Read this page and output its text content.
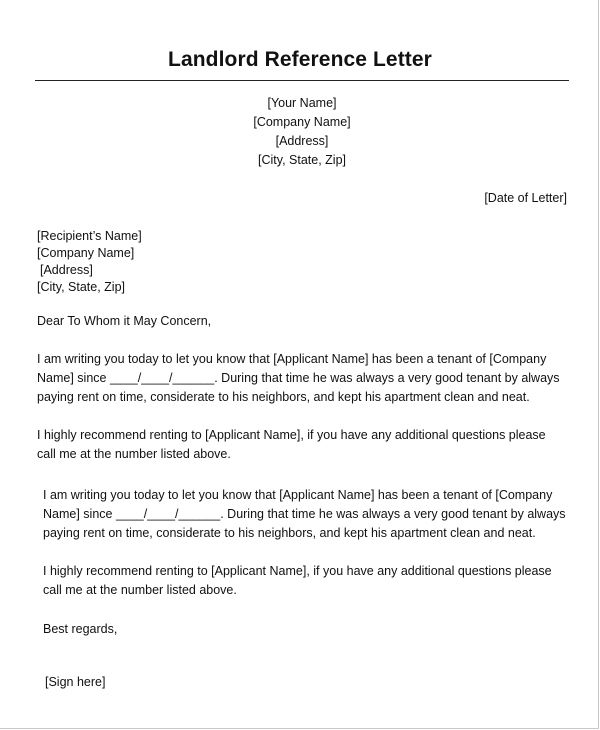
Landlord Reference Letter
[Your Name]
[Company Name]
[Address]
[City, State, Zip]
[Date of Letter]
[Recipient’s Name]
[Company Name]
[Address]
[City, State, Zip]
Dear To Whom it May Concern,
I am writing you today to let you know that [Applicant Name] has been a tenant of [Company
Name] since ____/____/______. During that time he was always a very good tenant by always
paying rent on time, considerate to his neighbors, and kept his apartment clean and neat.
I highly recommend renting to [Applicant Name], if you have any additional questions please
call me at the number listed above.
I am writing you today to let you know that [Applicant Name] has been a tenant of [Company
Name] since ____/____/______. During that time he was always a very good tenant by always
paying rent on time, considerate to his neighbors, and kept his apartment clean and neat.
I highly recommend renting to [Applicant Name], if you have any additional questions please
call me at the number listed above.
Best regards,
[Sign here]
